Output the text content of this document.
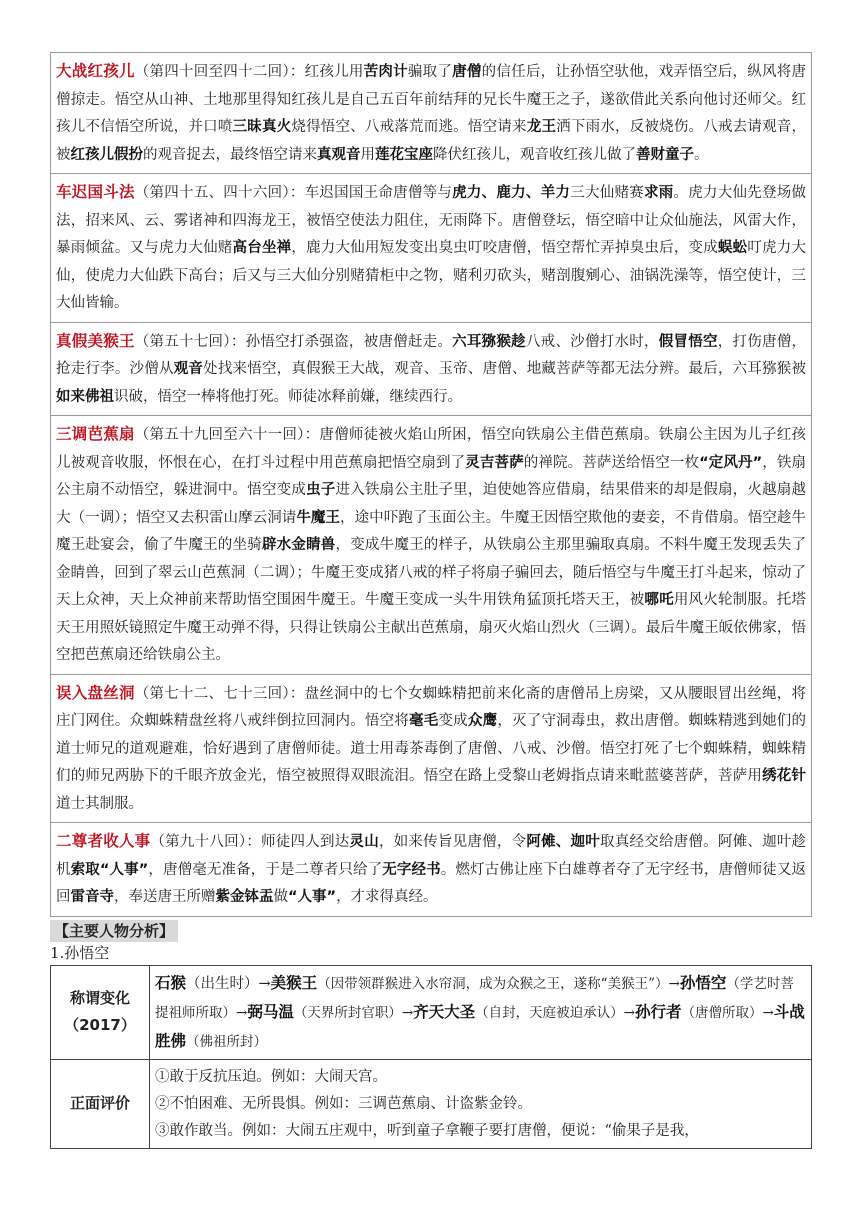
大战红孩儿（第四十回至四十二回）：红孩儿用苦肉计骗取了唐僧的信任后，让孙悟空驮他，戏弄悟空后，纵风将唐僧掠走。悟空从山神、土地那里得知红孩儿是自己五百年前结拜的兄长牛魔王之子，遂欲借此关系向他讨还师父。红孩儿不信悟空所说，并口喷三昧真火烧得悟空、八戒落荒而逃。悟空请来龙王洒下雨水，反被烧伤。八戒去请观音，被红孩儿假扮的观音捉去，最终悟空请来真观音用莲花宝座降伏红孩儿，观音收红孩儿做了善财童子。
车迟国斗法（第四十五、四十六回）：车迟国国王命唐僧等与虎力、鹿力、羊力三大仙赌赛求雨。虎力大仙先登场做法，招来风、云、雾诸神和四海龙王，被悟空使法力阻住，无雨降下。唐僧登坛，悟空暗中让众仙施法，风雷大作，暴雨倾盆。又与虎力大仙赌高台坐禅，鹿力大仙用短发变出臭虫叮咬唐僧，悟空帮忙弄掉臭虫后，变成蜈蚣叮虎力大仙，使虎力大仙跌下高台；后又与三大仙分别赌猜柜中之物，赌利刃砍头，赌剖腹剜心、油锅洗澡等，悟空使计，三大仙皆输。
真假美猴王（第五十七回）：孙悟空打杀强盗，被唐僧赶走。六耳猕猴趁八戒、沙僧打水时，假冒悟空，打伤唐僧，抢走行李。沙僧从观音处找来悟空，真假猴王大战，观音、玉帝、唐僧、地藏菩萨等都无法分辨。最后，六耳猕猴被如来佛祖识破，悟空一棒将他打死。师徒冰释前嫌，继续西行。
三调芭蕉扇（第五十九回至六十一回）：唐僧师徒被火焰山所困，悟空向铁扇公主借芭蕉扇。铁扇公主因为儿子红孩儿被观音收服，怀恨在心，在打斗过程中用芭蕉扇把悟空扇到了灵吉菩萨的禅院。菩萨送给悟空一枚“定风丹”，铁扇公主扇不动悟空，躲进洞中。悟空变成虫子进入铁扇公主肚子里，迫使她答应借扇，结果借来的却是假扇，火越扇越大（一调）；悟空又去积雷山摩云洞请牛魔王，途中吓跑了玉面公主。牛魔王因悟空欺他的妻妾，不肯借扇。悟空趁牛魔王赴宴会，偷了牛魔王的坐骑辟水金睛兽，变成牛魔王的样子，从铁扇公主那里骗取真扇。不料牛魔王发现丢失了金睛兽，回到了翠云山芭蕉洞（二调）；牛魔王变成猪八戒的样子将扇子骗回去，随后悟空与牛魔王打斗起来，惊动了天上众神，天上众神前来帮助悟空围困牛魔王。牛魔王变成一头牛用铁角猛顶托塔天王，被哪吒用风火轮制服。托塔天王用照妖镜照定牛魔王动弹不得，只得让铁扇公主献出芭蕉扇，扇灭火焰山烈火（三调）。最后牛魔王皈依佛家，悟空把芭蕉扇还给铁扇公主。
误入盘丝洞（第七十二、七十三回）：盘丝洞中的七个女蜘蛛精把前来化斋的唐僧吊上房梁，又从腰眼冒出丝绳，将庄门网住。众蜘蛛精盘丝将八戒绊倒拉回洞内。悟空将毫毛变成众鹰，灭了守洞毒虫，救出唐僧。蜘蛛精逃到她们的道士师兄的道观避难，恰好遇到了唐僧师徒。道士用毒茶毒倒了唐僧、八戒、沙僧。悟空打死了七个蜘蛛精，蜘蛛精们的师兄两胁下的千眼齐放金光，悟空被照得双眼流泪。悟空在路上受黎山老姆指点请来毗蓝婆菩萨，菩萨用绣花针道士其制服。
二尊者收人事（第九十八回）：师徒四人到达灵山，如来传旨见唐僧，令阿傩、迦叶取真经交给唐僧。阿傩、迦叶趁机索取“人事”，唐僧毫无准备，于是二尊者只给了无字经书。燃灯古佛让座下白雄尊者夺了无字经书，唐僧师徒又返回雷音寺，奉送唐王所赠紫金钵盂做“人事”，才求得真经。
【主要人物分析】
1.孙悟空
称谓变化
（2017）	石猴（出生时）→美猴王（因带领群猴进入水帘洞，成为众猴之王，遂称“美猴王”）→孙悟空（学艺时菩提祖师所取）→弼马温（天界所封官职）→齐天大圣（自封，天庭被迫承认）→孙行者（唐僧所取）→斗战胜佛（佛祖所封）
正面评价	①敢于反抗压迫。例如：大闹天宫。
②不怕困难、无所畏惧。例如：三调芭蕉扇、计盗紫金铃。
③敢作敢当。例如：大闹五庄观中，听到童子拿鞭子要打唐僧，便说：“偷果子是我，
